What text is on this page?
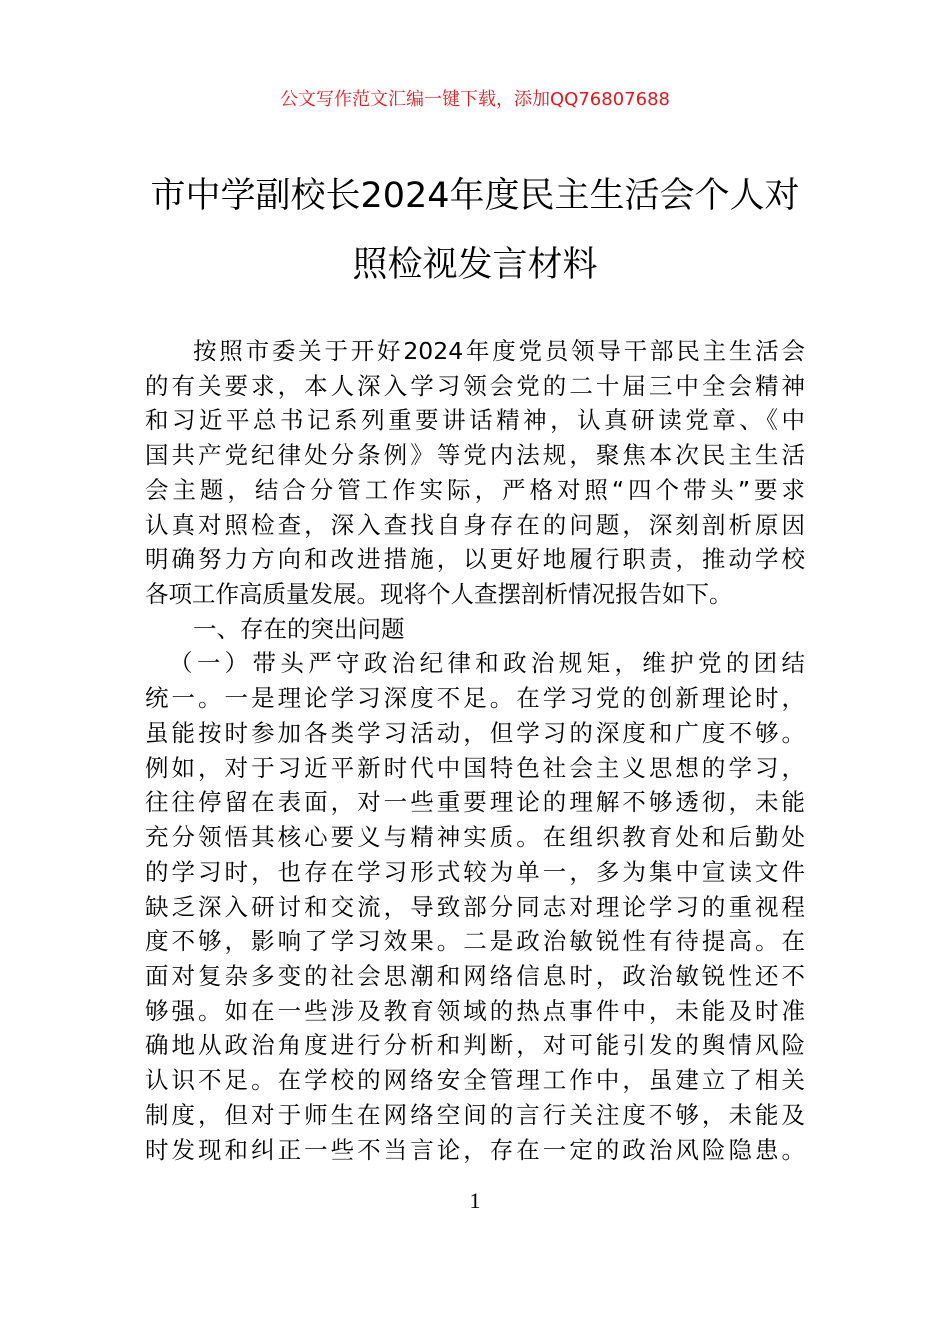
公文写作范文汇编一键下载，添加QQ76807688
市中学副校长2024年度民主生活会个人对
照检视发言材料
按照市委关于开好2024年度党员领导干部民主生活会
的有关要求，本人深入学习领会党的二十届三中全会精神
和习近平总书记系列重要讲话精神，认真研读党章、《中
国共产党纪律处分条例》等党内法规，聚焦本次民主生活
会主题，结合分管工作实际，严格对照“四个带头”要求
认真对照检查，深入查找自身存在的问题，深刻剖析原因
明确努力方向和改进措施，以更好地履行职责，推动学校
各项工作高质量发展。现将个人查摆剖析情况报告如下。
一、存在的突出问题
（一）带头严守政治纪律和政治规矩，维护党的团结
统一。一是理论学习深度不足。在学习党的创新理论时，
虽能按时参加各类学习活动，但学习的深度和广度不够。
例如，对于习近平新时代中国特色社会主义思想的学习，
往往停留在表面，对一些重要理论的理解不够透彻，未能
充分领悟其核心要义与精神实质。在组织教育处和后勤处
的学习时，也存在学习形式较为单一，多为集中宣读文件
缺乏深入研讨和交流，导致部分同志对理论学习的重视程
度不够，影响了学习效果。二是政治敏锐性有待提高。在
面对复杂多变的社会思潮和网络信息时，政治敏锐性还不
够强。如在一些涉及教育领域的热点事件中，未能及时准
确地从政治角度进行分析和判断，对可能引发的舆情风险
认识不足。在学校的网络安全管理工作中，虽建立了相关
制度，但对于师生在网络空间的言行关注度不够，未能及
时发现和纠正一些不当言论，存在一定的政治风险隐患。
1
